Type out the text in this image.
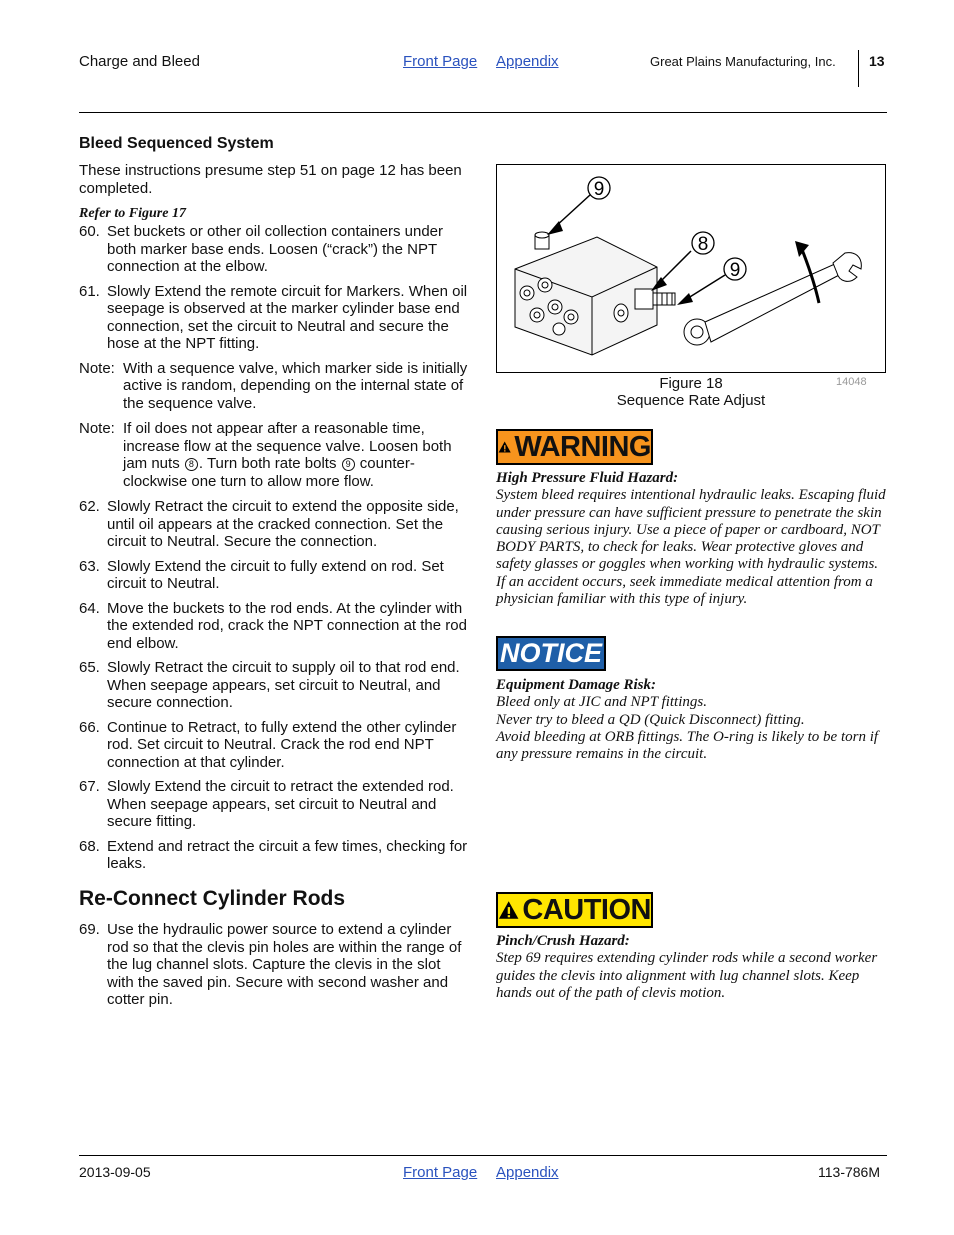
Charge and Bleed	Front Page Appendix	Great Plains Manufacturing, Inc. 13
Bleed Sequenced System
These instructions presume step 51 on page 12 has been completed.
Refer to Figure 17
60. Set buckets or other oil collection containers under both marker base ends. Loosen (“crack”) the NPT connection at the elbow.
61. Slowly Extend the remote circuit for Markers. When oil seepage is observed at the marker cylinder base end connection, set the circuit to Neutral and secure the hose at the NPT fitting.
Note: With a sequence valve, which marker side is initially active is random, depending on the internal state of the sequence valve.
Note: If oil does not appear after a reasonable time, increase flow at the sequence valve. Loosen both jam nuts 8 . Turn both rate bolts 9 counter-clockwise one turn to allow more flow.
62. Slowly Retract the circuit to extend the opposite side, until oil appears at the cracked connection. Set the circuit to Neutral. Secure the connection.
63. Slowly Extend the circuit to fully extend on rod. Set circuit to Neutral.
64. Move the buckets to the rod ends. At the cylinder with the extended rod, crack the NPT connection at the rod end elbow.
65. Slowly Retract the circuit to supply oil to that rod end. When seepage appears, set circuit to Neutral, and secure connection.
66. Continue to Retract, to fully extend the other cylinder rod. Set circuit to Neutral. Crack the rod end NPT connection at that cylinder.
67. Slowly Extend the circuit to retract the extended rod. When seepage appears, set circuit to Neutral and secure fitting.
68. Extend and retract the circuit a few times, checking for leaks.
Re-Connect Cylinder Rods
69. Use the hydraulic power source to extend a cylinder rod so that the clevis pin holes are within the range of the lug channel slots. Capture the clevis in the slot with the saved pin. Secure with second washer and cotter pin.
9
8
9
Figure 18
Sequence Rate Adjust
14048
WARNING
High Pressure Fluid Hazard:
System bleed requires intentional hydraulic leaks. Escaping fluid under pressure can have sufficient pressure to penetrate the skin causing serious injury. Use a piece of paper or cardboard, NOT BODY PARTS, to check for leaks. Wear protective gloves and safety glasses or goggles when working with hydraulic systems. If an accident occurs, seek immediate medical attention from a physician familiar with this type of injury.
NOTICE
Equipment Damage Risk:
Bleed only at JIC and NPT fittings.
Never try to bleed a QD (Quick Disconnect) fitting.
Avoid bleeding at ORB fittings. The O-ring is likely to be torn if any pressure remains in the circuit.
CAUTION
Pinch/Crush Hazard:
Step 69 requires extending cylinder rods while a second worker guides the clevis into alignment with lug channel slots. Keep hands out of the path of clevis motion.
2013-09-05	Front Page Appendix	113-786M
